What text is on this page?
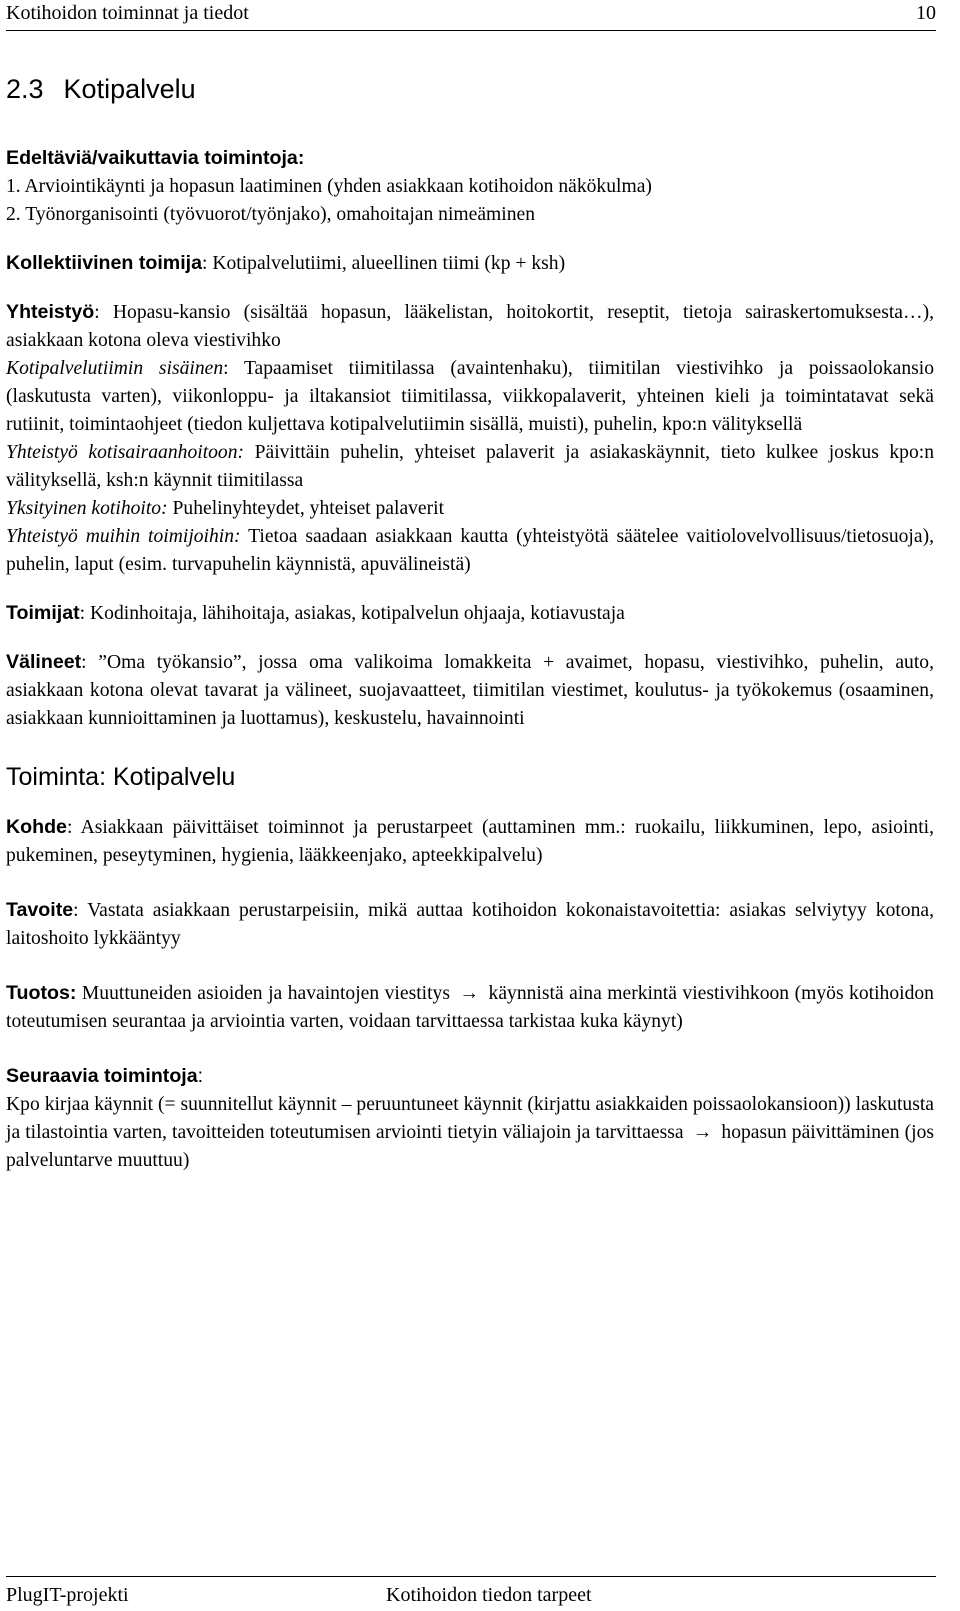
Kotihoidon toiminnat ja tiedot	10
2.3 Kotipalvelu

Edeltäviä/vaikuttavia toimintoja:

1. Arviointikäynti ja hopasun laatiminen (yhden asiakkaan kotihoidon näkökulma)

2. Työnorganisointi (työvuorot/työnjako), omahoitajan nimeäminen

Kollektiivinen toimija: Kotipalvelutiimi, alueellinen tiimi (kp + ksh)

Yhteistyö: Hopasu-kansio (sisältää hopasun, lääkelistan, hoitokortit, reseptit, tietoja sairaskertomuksesta…), asiakkaan kotona oleva viestivihko

Kotipalvelutiimin sisäinen: Tapaamiset tiimitilassa (avaintenhaku), tiimitilan viestivihko ja poissaolokansio (laskutusta varten), viikonloppu- ja iltakansiot tiimitilassa, viikkopalaverit, yhteinen kieli ja toimintatavat sekä rutiinit, toimintaohjeet (tiedon kuljettava kotipalvelutiimin sisällä, muisti), puhelin, kpo:n välityksellä

Yhteistyö kotisairaanhoitoon: Päivittäin puhelin, yhteiset palaverit ja asiakaskäynnit, tieto kulkee joskus kpo:n välityksellä, ksh:n käynnit tiimitilassa

Yksityinen kotihoito: Puhelinyhteydet, yhteiset palaverit

Yhteistyö muihin toimijoihin: Tietoa saadaan asiakkaan kautta (yhteistyötä säätelee vaitiolovelvollisuus/tietosuoja), puhelin, laput (esim. turvapuhelin käynnistä, apuvälineistä)

Toimijat: Kodinhoitaja, lähihoitaja, asiakas, kotipalvelun ohjaaja, kotiavustaja

Välineet: ”Oma työkansio”, jossa oma valikoima lomakkeita + avaimet, hopasu, viestivihko, puhelin, auto, asiakkaan kotona olevat tavarat ja välineet, suojavaatteet, tiimitilan viestimet, koulutus- ja työkokemus (osaaminen, asiakkaan kunnioittaminen ja luottamus), keskustelu, havainnointi

Toiminta: Kotipalvelu

Kohde: Asiakkaan päivittäiset toiminnot ja perustarpeet (auttaminen mm.: ruokailu, liikkuminen, lepo, asiointi, pukeminen, peseytyminen, hygienia, lääkkeenjako, apteekkipalvelu)

Tavoite: Vastata asiakkaan perustarpeisiin, mikä auttaa kotihoidon kokonaistavoitettia: asiakas selviytyy kotona, laitoshoito lykkääntyy

Tuotos: Muuttuneiden asioiden ja havaintojen viestitys → käynnistä aina merkintä viestivihkoon (myös kotihoidon toteutumisen seurantaa ja arviointia varten, voidaan tarvittaessa tarkistaa kuka käynyt)

Seuraavia toimintoja:

Kpo kirjaa käynnit (= suunnitellut käynnit – peruuntuneet käynnit (kirjattu asiakkaiden poissaolokansioon)) laskutusta ja tilastointia varten, tavoitteiden toteutumisen arviointi tietyin väliajoin ja tarvittaessa → hopasun päivittäminen (jos palveluntarve muuttuu)

PlugIT-projekti	Kotihoidon tiedon tarpeet
